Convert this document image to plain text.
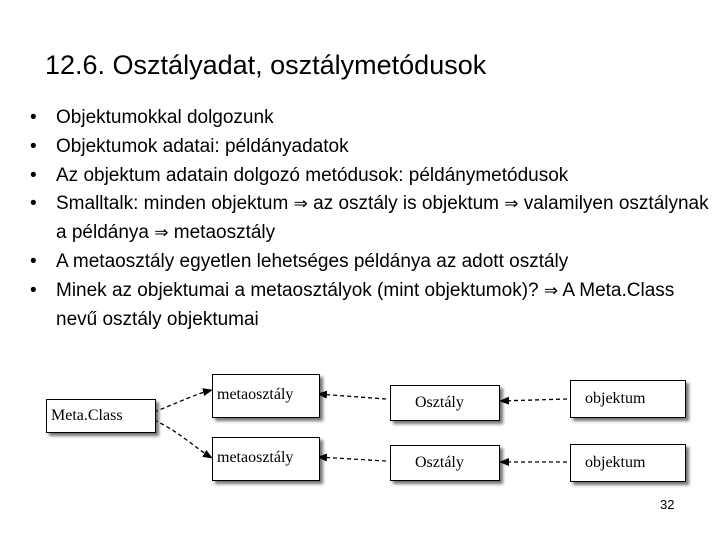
12.6. Osztályadat, osztálymetódusok
• Objektumokkal dolgozunk
• Objektumok adatai: példányadatok
• Az objektum adatain dolgozó metódusok: példánymetódusok
• Smalltalk: minden objektum ⇒ az osztály is objektum ⇒ valamilyen osztálynak a példánya ⇒ metaosztály
• A metaosztály egyetlen lehetséges példánya az adott osztály
• Minek az objektumai a metaosztályok (mint objektumok)? ⇒ A Meta.Class nevű osztály objektumai
Meta.Class
metaosztály
metaosztály
Osztály
Osztály
objektum
objektum
32
